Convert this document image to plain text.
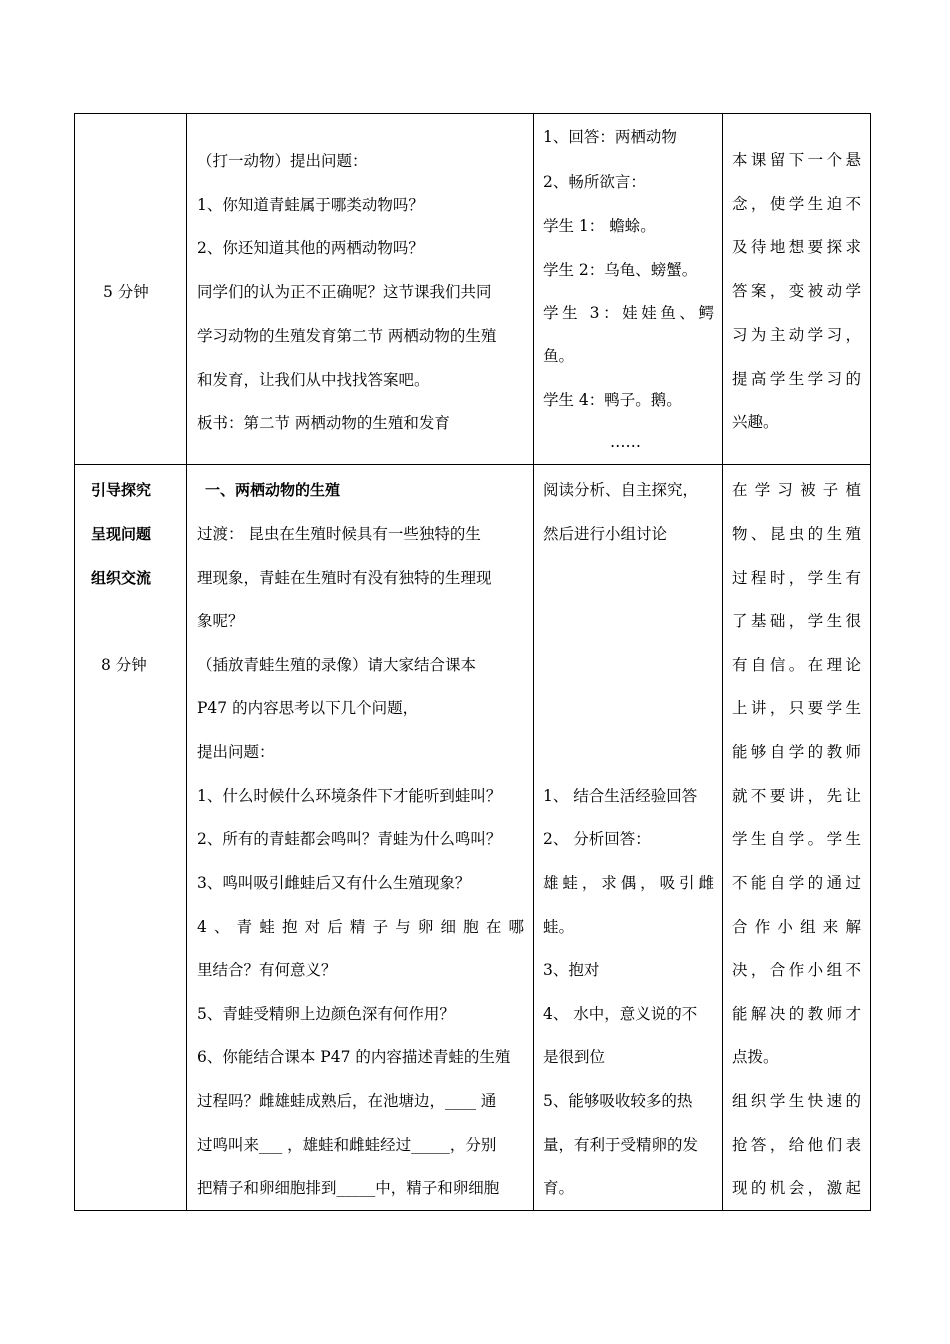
5 分钟
（打一动物）提出问题：
1、你知道青蛙属于哪类动物吗？
2、你还知道其他的两栖动物吗？
同学们的认为正不正确呢？这节课我们共同
学习动物的生殖发育第二节 两栖动物的生殖
和发育，让我们从中找找答案吧。
板书：第二节 两栖动物的生殖和发育
1、回答：两栖动物
2、畅所欲言：
学生 1： 蟾蜍。
学生 2：乌龟、螃蟹。
学生 3：娃娃鱼、鳄
鱼。
学生 4：鸭子。鹅。
……
本课留下一个悬
念，使学生迫不
及待地想要探求
答案，变被动学
习为主动学习，
提高学生学习的
兴趣。
引导探究
呈现问题
组织交流
8 分钟
一、两栖动物的生殖
过渡： 昆虫在生殖时候具有一些独特的生
理现象，青蛙在生殖时有没有独特的生理现
象呢？
（插放青蛙生殖的录像）请大家结合课本
P47 的内容思考以下几个问题，
提出问题：
1、什么时候什么环境条件下才能听到蛙叫？
2、所有的青蛙都会鸣叫？青蛙为什么鸣叫？
3、鸣叫吸引雌蛙后又有什么生殖现象？
4、青蛙抱对后精子与卵细胞在哪
里结合？有何意义？
5、青蛙受精卵上边颜色深有何作用？
6、你能结合课本 P47 的内容描述青蛙的生殖
过程吗？雌雄蛙成熟后，在池塘边，____ 通
过鸣叫来___ ，雄蛙和雌蛙经过_____，分别
把精子和卵细胞排到_____中，精子和卵细胞
阅读分析、自主探究，
然后进行小组讨论
1、 结合生活经验回答
2、 分析回答：
雄蛙，求偶，吸引雌
蛙。
3、抱对
4、 水中，意义说的不
是很到位
5、能够吸收较多的热
量，有利于受精卵的发
育。
在学习被子植
物、昆虫的生殖
过程时，学生有
了基础，学生很
有自信。在理论
上讲，只要学生
能够自学的教师
就不要讲，先让
学生自学。学生
不能自学的通过
合作小组来解
决，合作小组不
能解决的教师才
点拨。
组织学生快速的
抢答，给他们表
现的机会，激起
